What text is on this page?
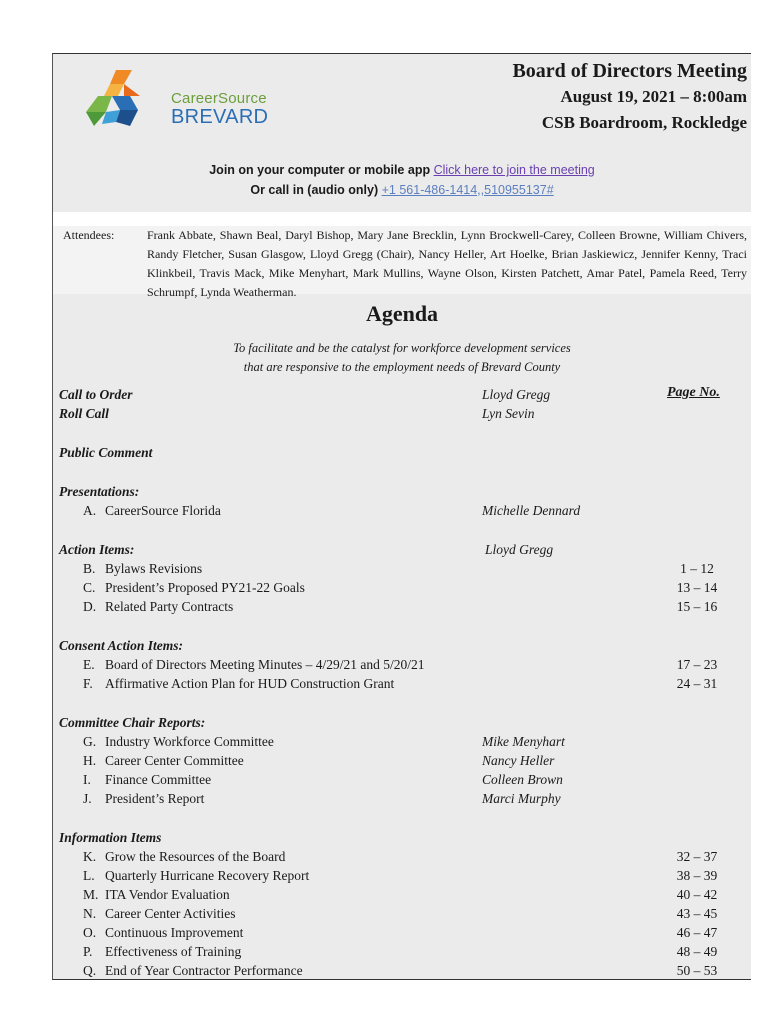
CareerSource
BREVARD
Board of Directors Meeting
August 19, 2021 – 8:00am
CSB Boardroom, Rockledge
Join on your computer or mobile app Click here to join the meeting
Or call in (audio only) +1 561-486-1414,,510955137#
Attendees:	Frank Abbate, Shawn Beal, Daryl Bishop, Mary Jane Brecklin, Lynn Brockwell-Carey, Colleen Browne, William Chivers, Randy Fletcher, Susan Glasgow, Lloyd Gregg (Chair), Nancy Heller, Art Hoelke, Brian Jaskiewicz, Jennifer Kenny, Traci Klinkbeil, Travis Mack, Mike Menyhart, Mark Mullins, Wayne Olson, Kirsten Patchett, Amar Patel, Pamela Reed, Terry Schrumpf, Lynda Weatherman.
Agenda
To facilitate and be the catalyst for workforce development services
that are responsive to the employment needs of Brevard County
Page No.
Call to Order	Lloyd Gregg
Roll Call	Lyn Sevin
Public Comment
Presentations:
A. CareerSource Florida	Michelle Dennard
Action Items:	Lloyd Gregg
B. Bylaws Revisions	1 – 12
C. President’s Proposed PY21-22 Goals	13 – 14
D. Related Party Contracts	15 – 16
Consent Action Items:
E. Board of Directors Meeting Minutes – 4/29/21 and 5/20/21	17 – 23
F. Affirmative Action Plan for HUD Construction Grant	24 – 31
Committee Chair Reports:
G. Industry Workforce Committee	Mike Menyhart
H. Career Center Committee	Nancy Heller
I. Finance Committee	Colleen Brown
J. President’s Report	Marci Murphy
Information Items
K. Grow the Resources of the Board	32 – 37
L. Quarterly Hurricane Recovery Report	38 – 39
M. ITA Vendor Evaluation	40 – 42
N. Career Center Activities	43 – 45
O. Continuous Improvement	46 – 47
P. Effectiveness of Training	48 – 49
Q. End of Year Contractor Performance	50 – 53
